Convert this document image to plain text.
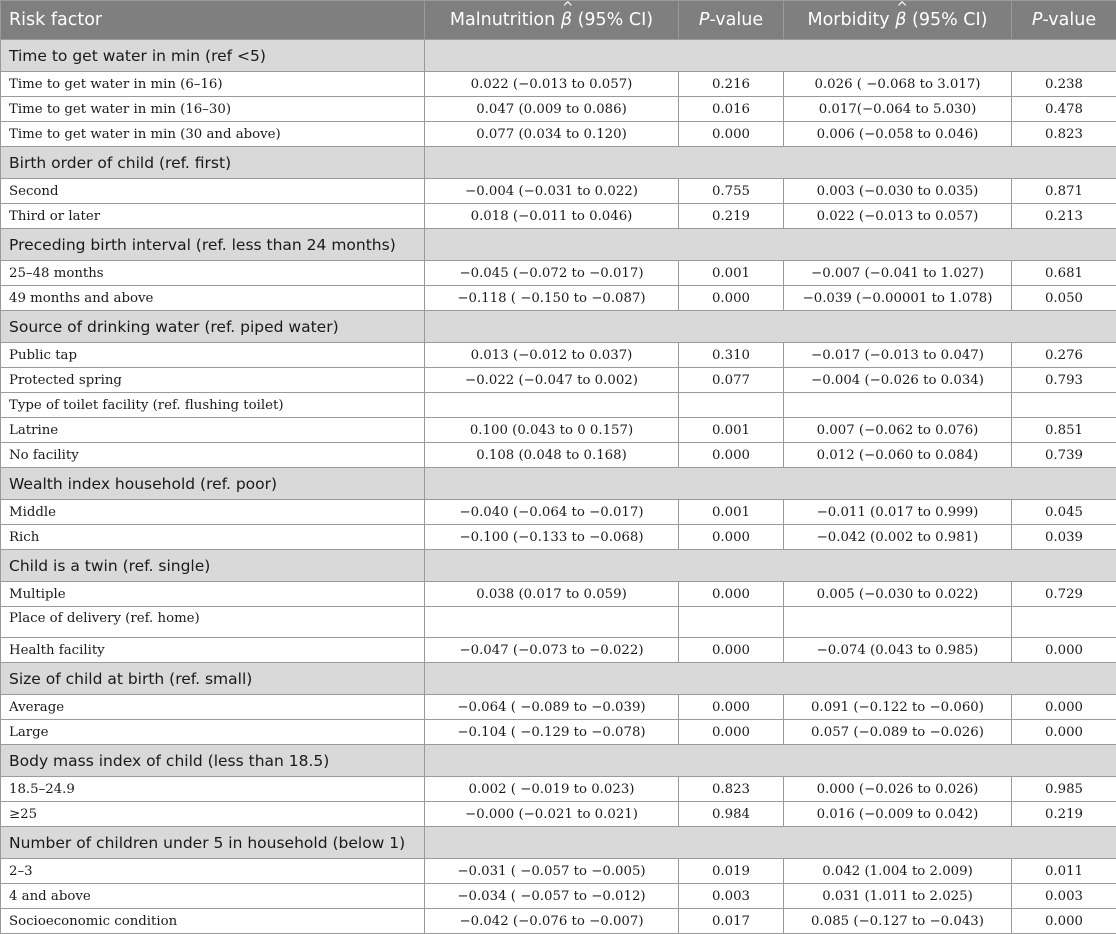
Risk factor	Malnutrition ^ β (95% CI)	P-value	Morbidity ^ β (95% CI)	P-value
Time to get water in min (ref <5)				
Time to get water in min (6–16)	0.022 (−0.013 to 0.057)	0.216	0.026 ( −0.068 to 3.017)	0.238
Time to get water in min (16–30)	0.047 (0.009 to 0.086)	0.016	0.017(−0.064 to 5.030)	0.478
Time to get water in min (30 and above)	0.077 (0.034 to 0.120)	0.000	0.006 (−0.058 to 0.046)	0.823
Birth order of child (ref. first)				
Second	−0.004 (−0.031 to 0.022)	0.755	0.003 (−0.030 to 0.035)	0.871
Third or later	0.018 (−0.011 to 0.046)	0.219	0.022 (−0.013 to 0.057)	0.213
Preceding birth interval (ref. less than 24 months)				
25–48 months	−0.045 (−0.072 to −0.017)	0.001	−0.007 (−0.041 to 1.027)	0.681
49 months and above	−0.118 ( −0.150 to −0.087)	0.000	−0.039 (−0.00001 to 1.078)	0.050
Source of drinking water (ref. piped water)				
Public tap	0.013 (−0.012 to 0.037)	0.310	−0.017 (−0.013 to 0.047)	0.276
Protected spring	−0.022 (−0.047 to 0.002)	0.077	−0.004 (−0.026 to 0.034)	0.793
Type of toilet facility (ref. flushing toilet)				
Latrine	0.100 (0.043 to 0 0.157)	0.001	0.007 (−0.062 to 0.076)	0.851
No facility	0.108 (0.048 to 0.168)	0.000	0.012 (−0.060 to 0.084)	0.739
Wealth index household (ref. poor)				
Middle	−0.040 (−0.064 to −0.017)	0.001	−0.011 (0.017 to 0.999)	0.045
Rich	−0.100 (−0.133 to −0.068)	0.000	−0.042 (0.002 to 0.981)	0.039
Child is a twin (ref. single)				
Multiple	0.038 (0.017 to 0.059)	0.000	0.005 (−0.030 to 0.022)	0.729
Place of delivery (ref. home)				
Health facility	−0.047 (−0.073 to −0.022)	0.000	−0.074 (0.043 to 0.985)	0.000
Size of child at birth (ref. small)				
Average	−0.064 ( −0.089 to −0.039)	0.000	0.091 (−0.122 to −0.060)	0.000
Large	−0.104 ( −0.129 to −0.078)	0.000	0.057 (−0.089 to −0.026)	0.000
Body mass index of child (less than 18.5)				
18.5–24.9	0.002 ( −0.019 to 0.023)	0.823	0.000 (−0.026 to 0.026)	0.985
≥25	−0.000 (−0.021 to 0.021)	0.984	0.016 (−0.009 to 0.042)	0.219
Number of children under 5 in household (below 1)				
2–3	−0.031 ( −0.057 to −0.005)	0.019	0.042 (1.004 to 2.009)	0.011
4 and above	−0.034 ( −0.057 to −0.012)	0.003	0.031 (1.011 to 2.025)	0.003
Socioeconomic condition	−0.042 (−0.076 to −0.007)	0.017	0.085 (−0.127 to −0.043)	0.000
